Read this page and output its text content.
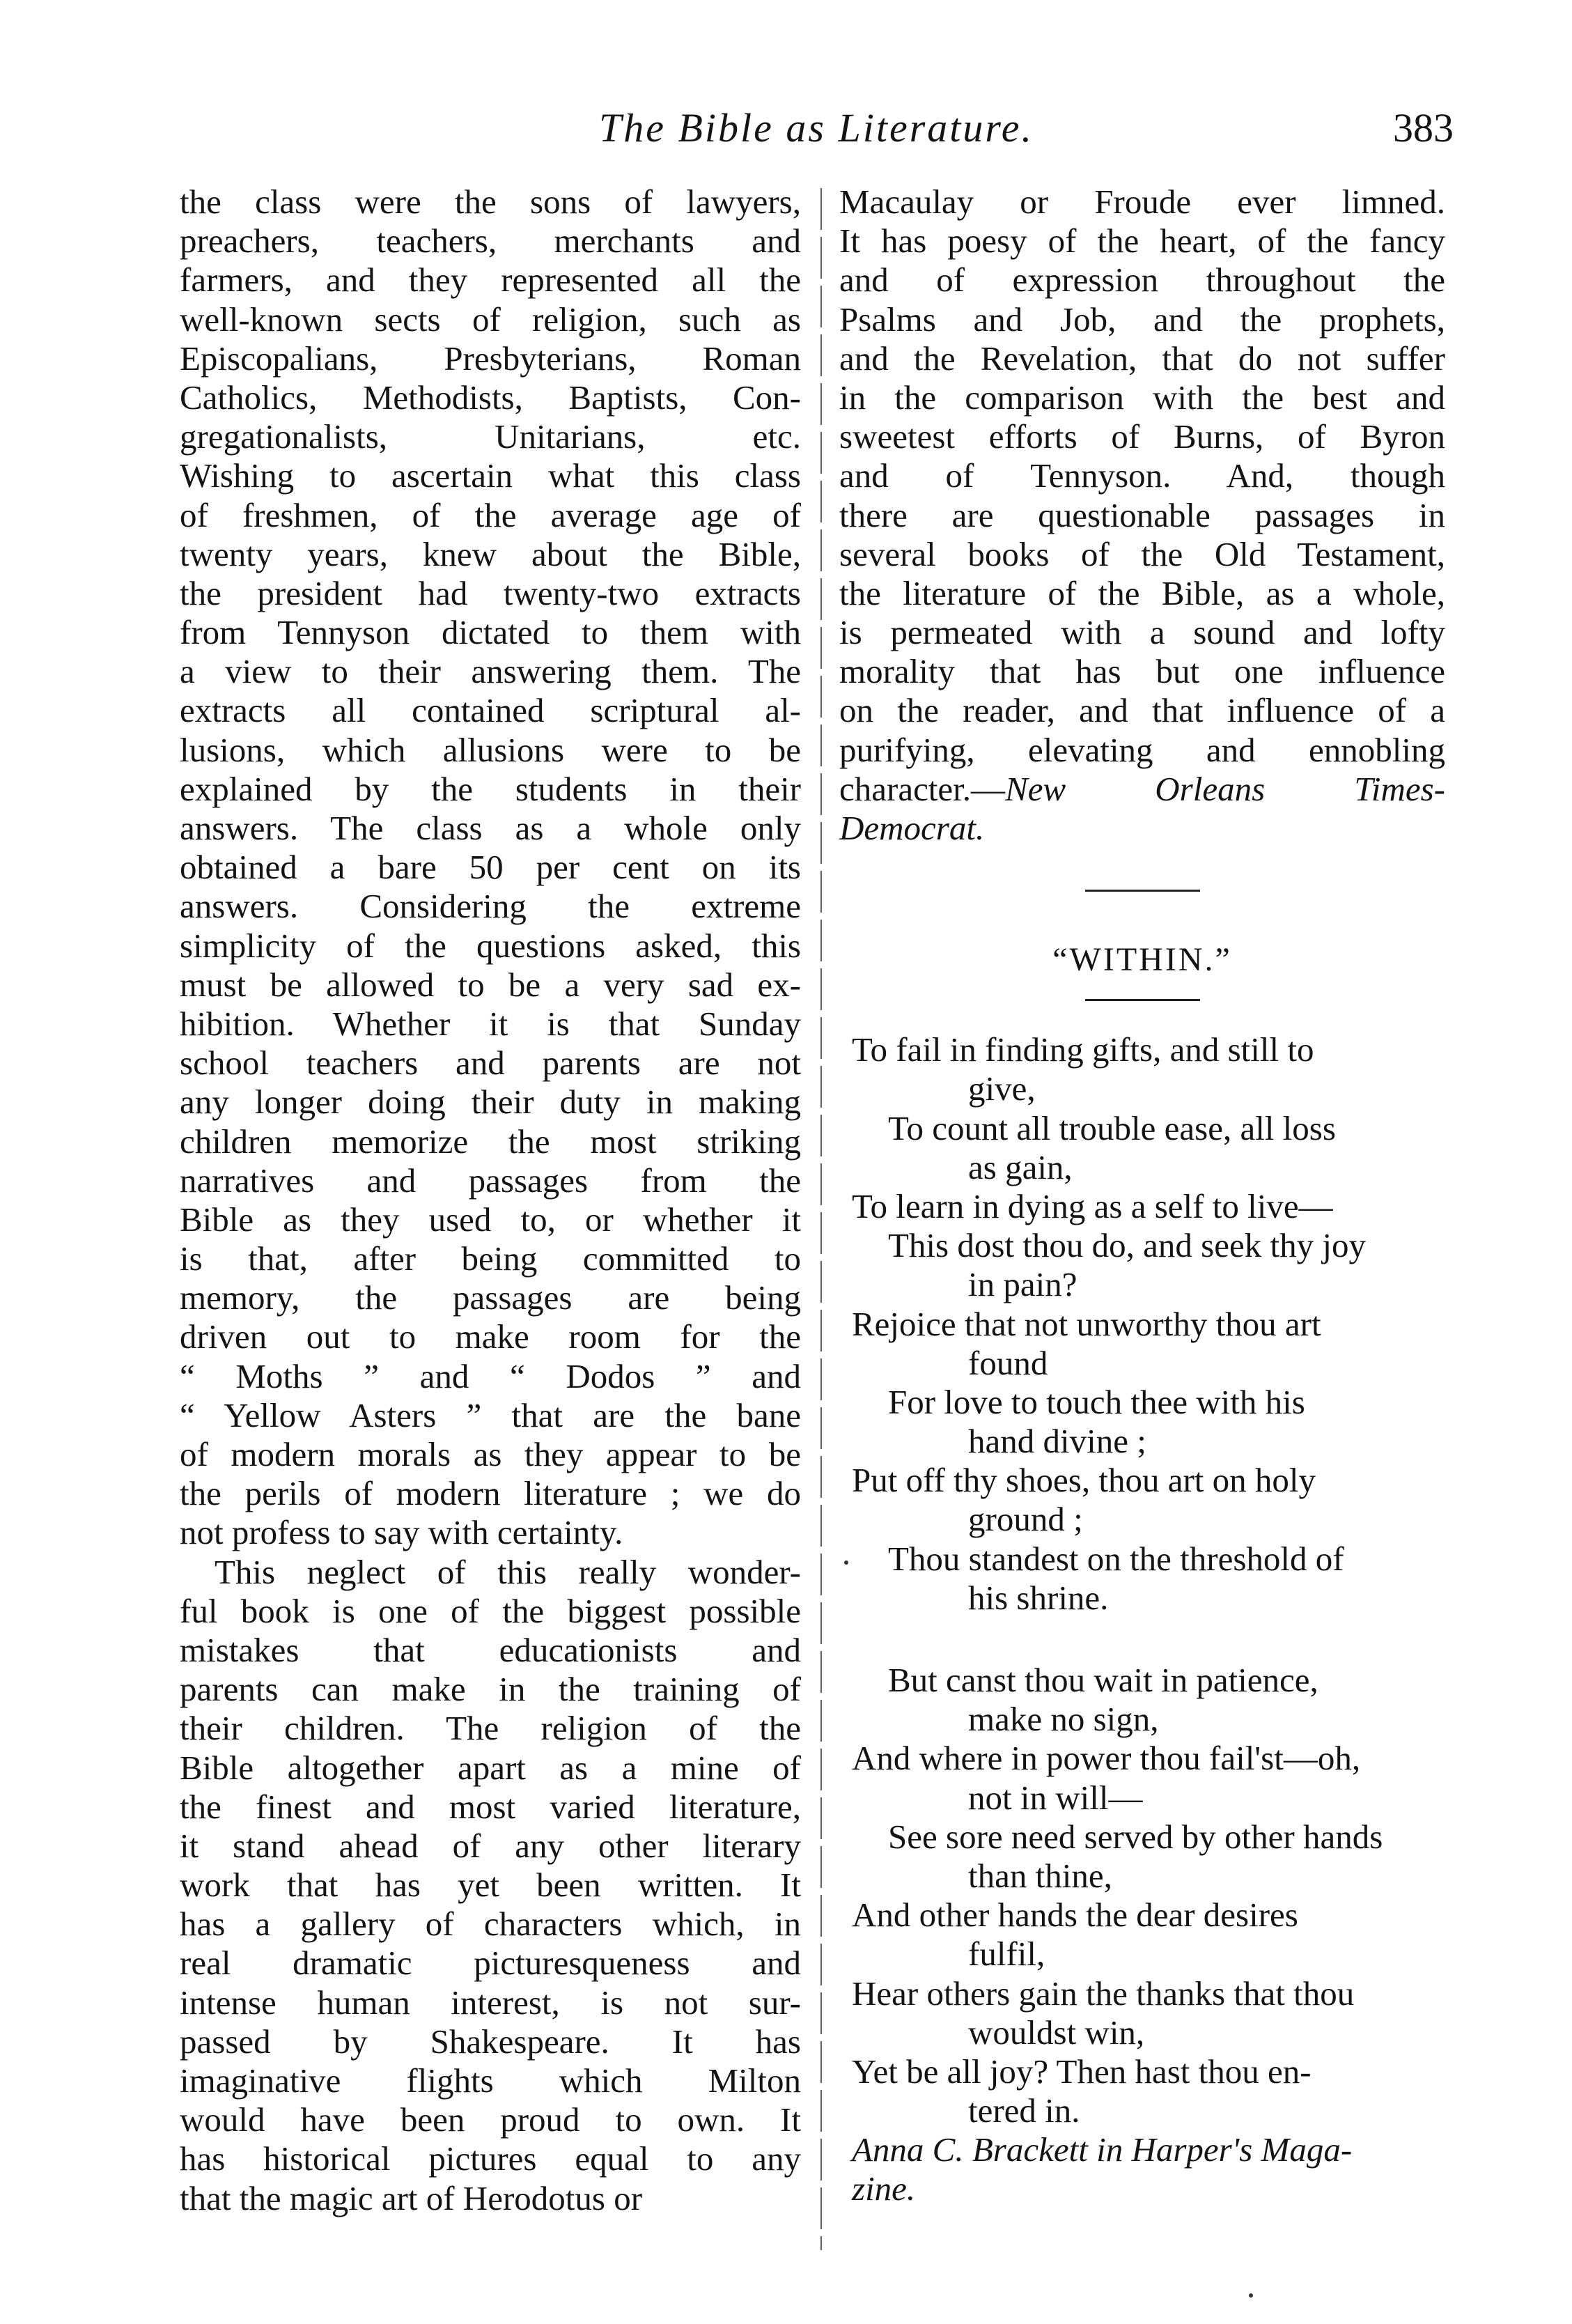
The Bible as Literature.	383
the class were the sons of lawyers,
preachers, teachers, merchants and
farmers, and they represented all the
well-known sects of religion, such as
Episcopalians, Presbyterians, Roman
Catholics, Methodists, Baptists, Con-
gregationalists, Unitarians, etc.
Wishing to ascertain what this class
of freshmen, of the average age of
twenty years, knew about the Bible,
the president had twenty-two extracts
from Tennyson dictated to them with
a view to their answering them. The
extracts all contained scriptural al-
lusions, which allusions were to be
explained by the students in their
answers. The class as a whole only
obtained a bare 50 per cent on its
answers. Considering the extreme
simplicity of the questions asked, this
must be allowed to be a very sad ex-
hibition. Whether it is that Sunday
school teachers and parents are not
any longer doing their duty in making
children memorize the most striking
narratives and passages from the
Bible as they used to, or whether it
is that, after being committed to
memory, the passages are being
driven out to make room for the
“ Moths ” and “ Dodos ” and
“ Yellow Asters ” that are the bane
of modern morals as they appear to be
the perils of modern literature ; we do
not profess to say with certainty.
This neglect of this really wonder-
ful book is one of the biggest possible
mistakes that educationists and
parents can make in the training of
their children. The religion of the
Bible altogether apart as a mine of
the finest and most varied literature,
it stand ahead of any other literary
work that has yet been written. It
has a gallery of characters which, in
real dramatic picturesqueness and
intense human interest, is not sur-
passed by Shakespeare. It has
imaginative flights which Milton
would have been proud to own. It
has historical pictures equal to any
that the magic art of Herodotus or
Macaulay or Froude ever limned.
It has poesy of the heart, of the fancy
and of expression throughout the
Psalms and Job, and the prophets,
and the Revelation, that do not suffer
in the comparison with the best and
sweetest efforts of Burns, of Byron
and of Tennyson. And, though
there are questionable passages in
several books of the Old Testament,
the literature of the Bible, as a whole,
is permeated with a sound and lofty
morality that has but one influence
on the reader, and that influence of a
purifying, elevating and ennobling
character.—New Orleans Times-
Democrat.
“WITHIN.”
To fail in finding gifts, and still to
give,
To count all trouble ease, all loss
as gain,
To learn in dying as a self to live—
This dost thou do, and seek thy joy
in pain?
Rejoice that not unworthy thou art
found
For love to touch thee with his
hand divine ;
Put off thy shoes, thou art on holy
ground ;
Thou standest on the threshold of
his shrine.
But canst thou wait in patience,
make no sign,
And where in power thou fail'st—oh,
not in will—
See sore need served by other hands
than thine,
And other hands the dear desires
fulfil,
Hear others gain the thanks that thou
wouldst win,
Yet be all joy? Then hast thou en-
tered in.
Anna C. Brackett in Harper's Maga-
zine.
